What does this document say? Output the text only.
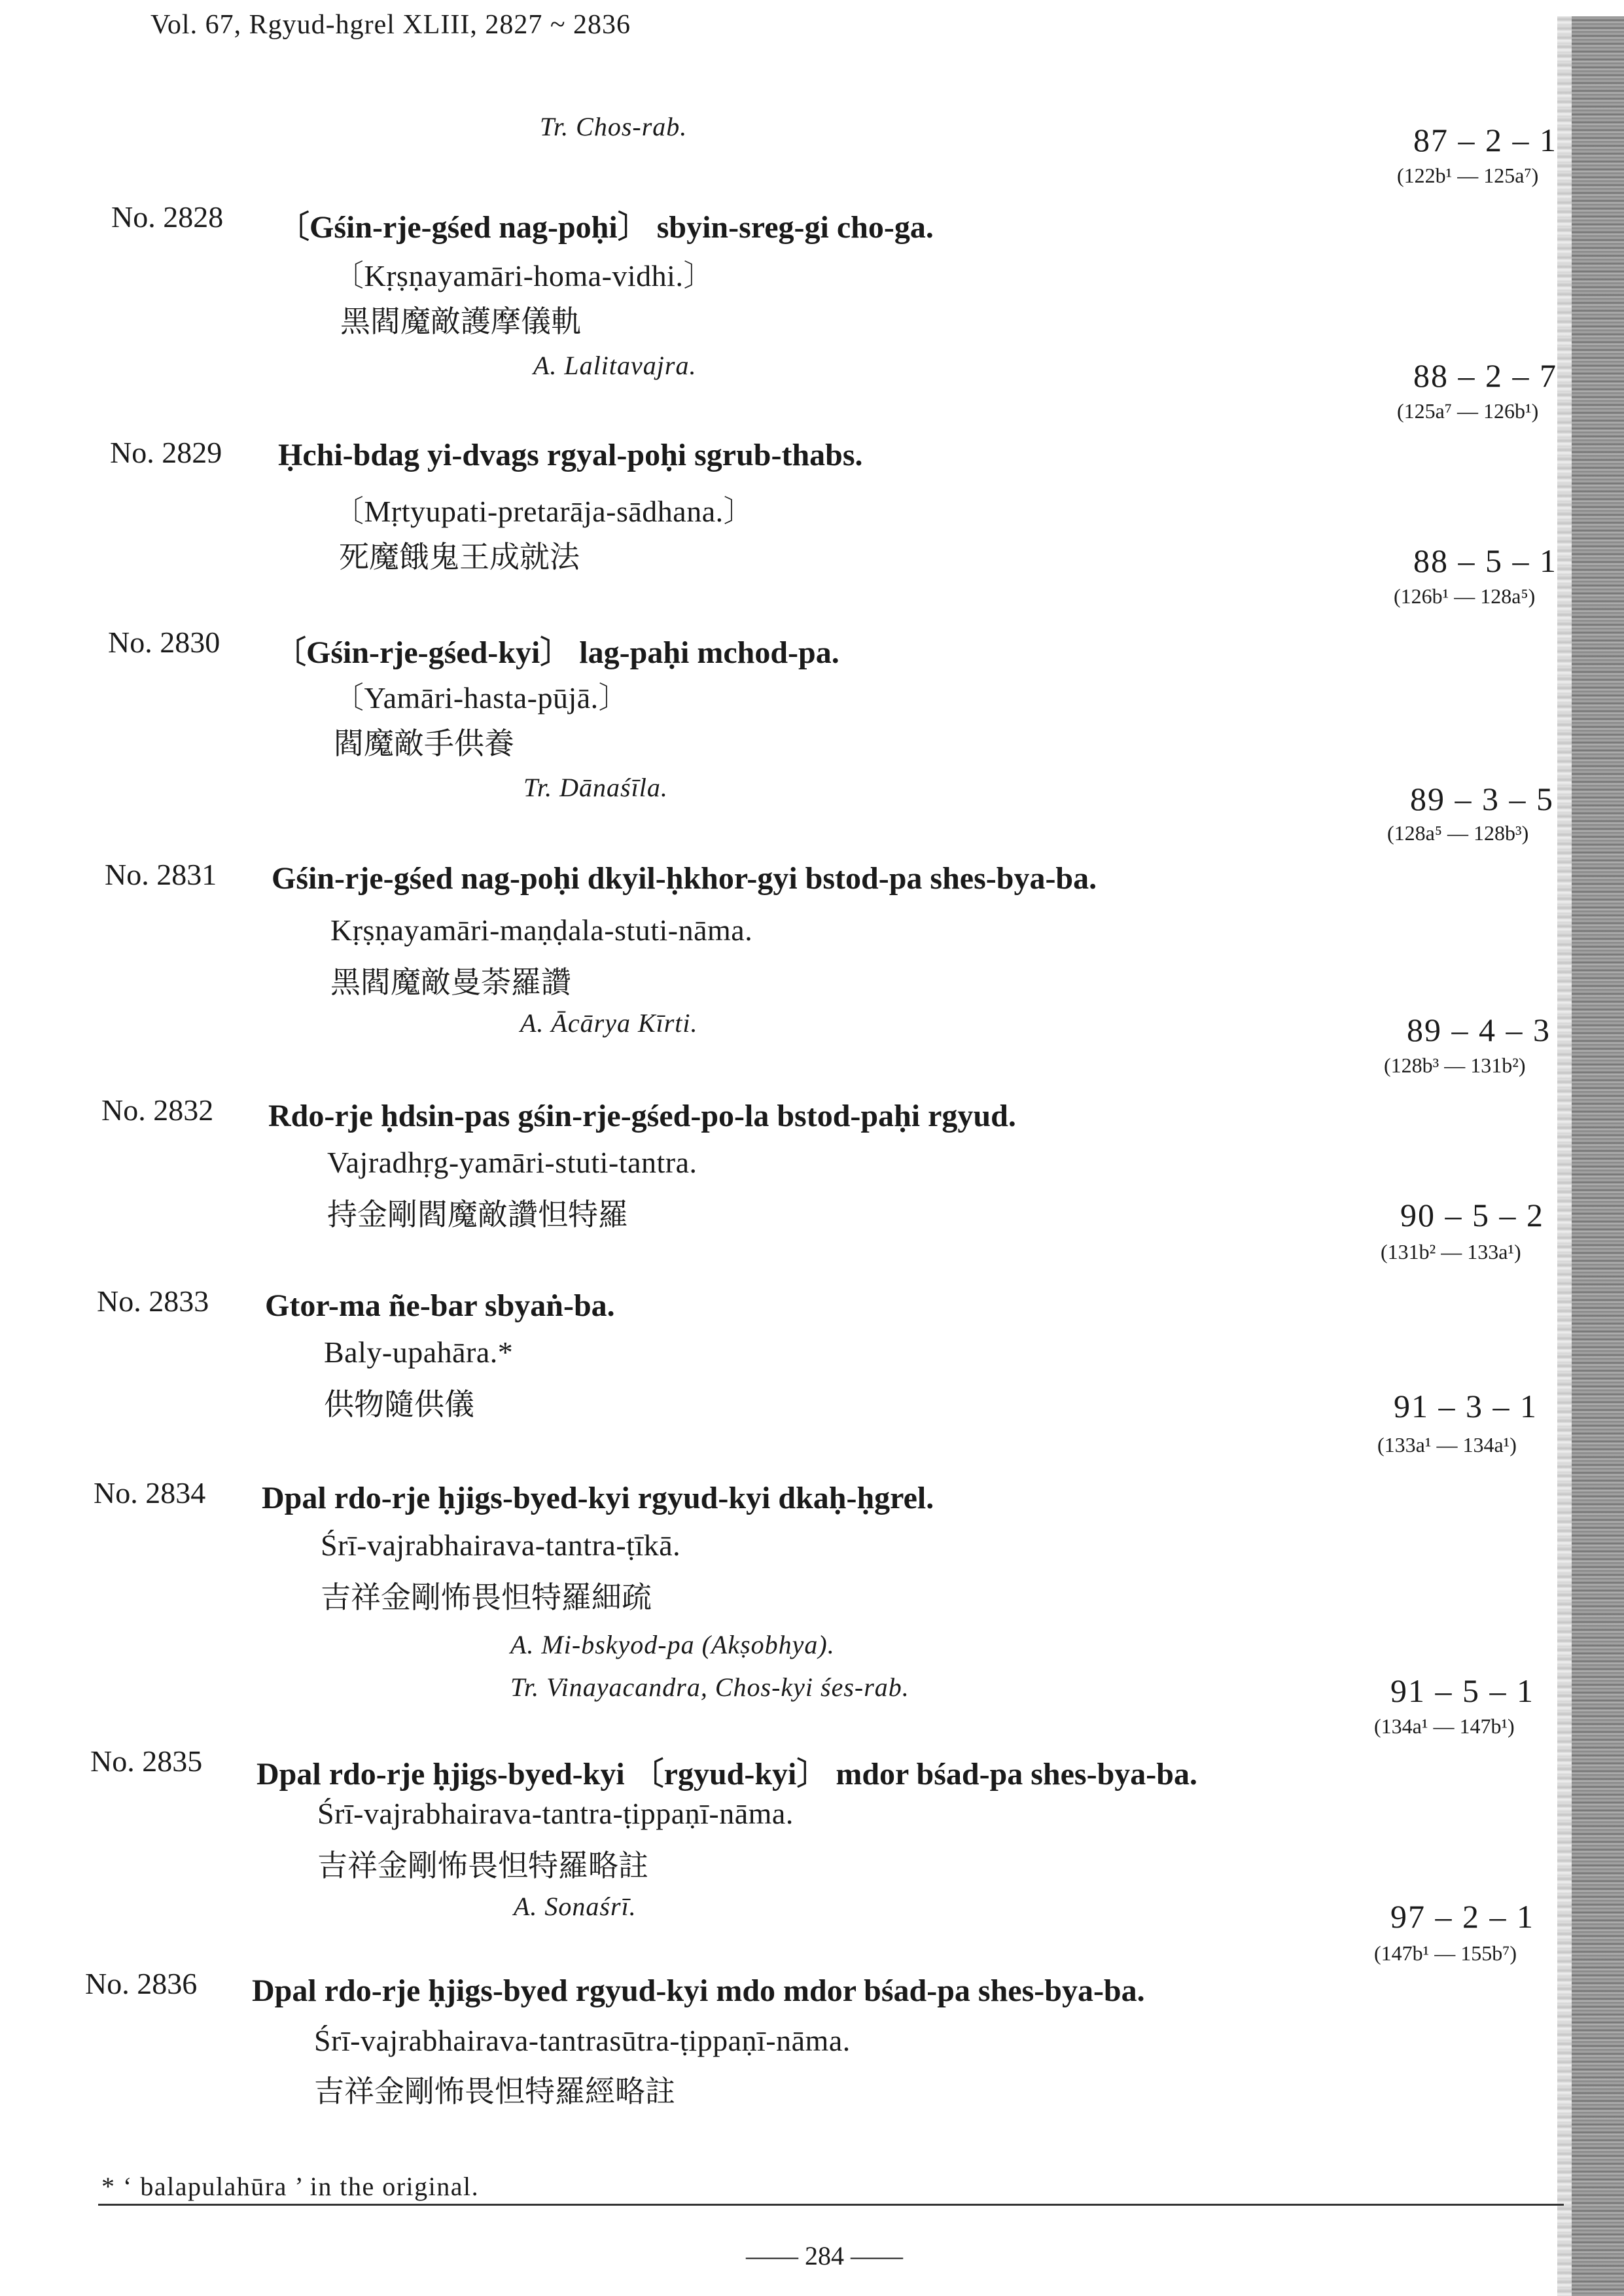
Vol. 67, Rgyud-hgrel XLIII, 2827 ~ 2836
Tr. Chos-rab.	87 – 2 – 1
(122b¹ — 125a⁷)
No. 2828 〔Gśin-rje-gśed nag-poḥi〕 sbyin-sreg-gi cho-ga.
〔Kṛṣṇayamāri-homa-vidhi.〕
黑閻魔敵護摩儀軌
A. Lalitavajra.	88 – 2 – 7
(125a⁷ — 126b¹)
No. 2829 Ḥchi-bdag yi-dvags rgyal-poḥi sgrub-thabs.
〔Mṛtyupati-pretarāja-sādhana.〕
死魔餓鬼王成就法	88 – 5 – 1
(126b¹ — 128a⁵)
No. 2830 〔Gśin-rje-gśed-kyi〕 lag-paḥi mchod-pa.
〔Yamāri-hasta-pūjā.〕
閻魔敵手供養
Tr. Dānaśīla.	89 – 3 – 5
(128a⁵ — 128b³)
No. 2831 Gśin-rje-gśed nag-poḥi dkyil-ḥkhor-gyi bstod-pa shes-bya-ba.
Kṛṣṇayamāri-maṇḍala-stuti-nāma.
黑閻魔敵曼荼羅讚
A. Ācārya Kīrti.	89 – 4 – 3
(128b³ — 131b²)
No. 2832 Rdo-rje ḥdsin-pas gśin-rje-gśed-po-la bstod-paḥi rgyud.
Vajradhṛg-yamāri-stuti-tantra.
持金剛閻魔敵讚怛特羅	90 – 5 – 2
(131b² — 133a¹)
No. 2833 Gtor-ma ñe-bar sbyaṅ-ba.
Baly-upahāra.*
供物隨供儀	91 – 3 – 1
(133a¹ — 134a¹)
No. 2834 Dpal rdo-rje ḥjigs-byed-kyi rgyud-kyi dkaḥ-ḥgrel.
Śrī-vajrabhairava-tantra-ṭīkā.
吉祥金剛怖畏怛特羅細疏
A. Mi-bskyod-pa (Akṣobhya).
Tr. Vinayacandra, Chos-kyi śes-rab.	91 – 5 – 1
(134a¹ — 147b¹)
No. 2835 Dpal rdo-rje ḥjigs-byed-kyi 〔rgyud-kyi〕 mdor bśad-pa shes-bya-ba.
Śrī-vajrabhairava-tantra-ṭippaṇī-nāma.
吉祥金剛怖畏怛特羅略註
A. Sonaśrī.	97 – 2 – 1
(147b¹ — 155b⁷)
No. 2836 Dpal rdo-rje ḥjigs-byed rgyud-kyi mdo mdor bśad-pa shes-bya-ba.
Śrī-vajrabhairava-tantrasūtra-ṭippaṇī-nāma.
吉祥金剛怖畏怛特羅經略註
* ‘ balapulahūra ’ in the original.
—— 284 ——
